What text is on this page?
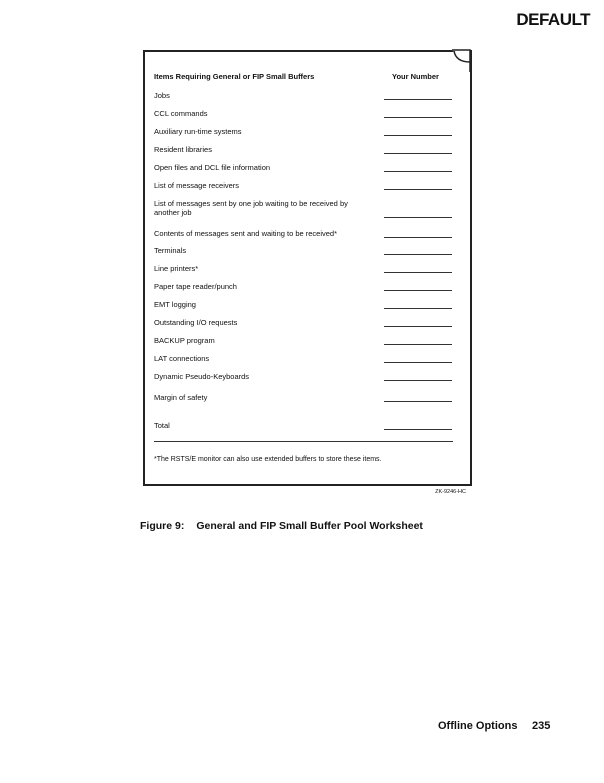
DEFAULT
Items Requiring General or FIP Small Buffers	Your Number
Jobs
CCL commands
Auxiliary run-time systems
Resident libraries
Open files and DCL file information
List of message receivers
List of messages sent by one job waiting to be received by another job
Contents of messages sent and waiting to be received*
Terminals
Line printers*
Paper tape reader/punch
EMT logging
Outstanding I/O requests
BACKUP program
LAT connections
Dynamic Pseudo-Keyboards
Margin of safety
Total
*The RSTS/E monitor can also use extended buffers to store these items.
ZK-9246-HC
Figure 9: General and FIP Small Buffer Pool Worksheet
Offline Options 235
